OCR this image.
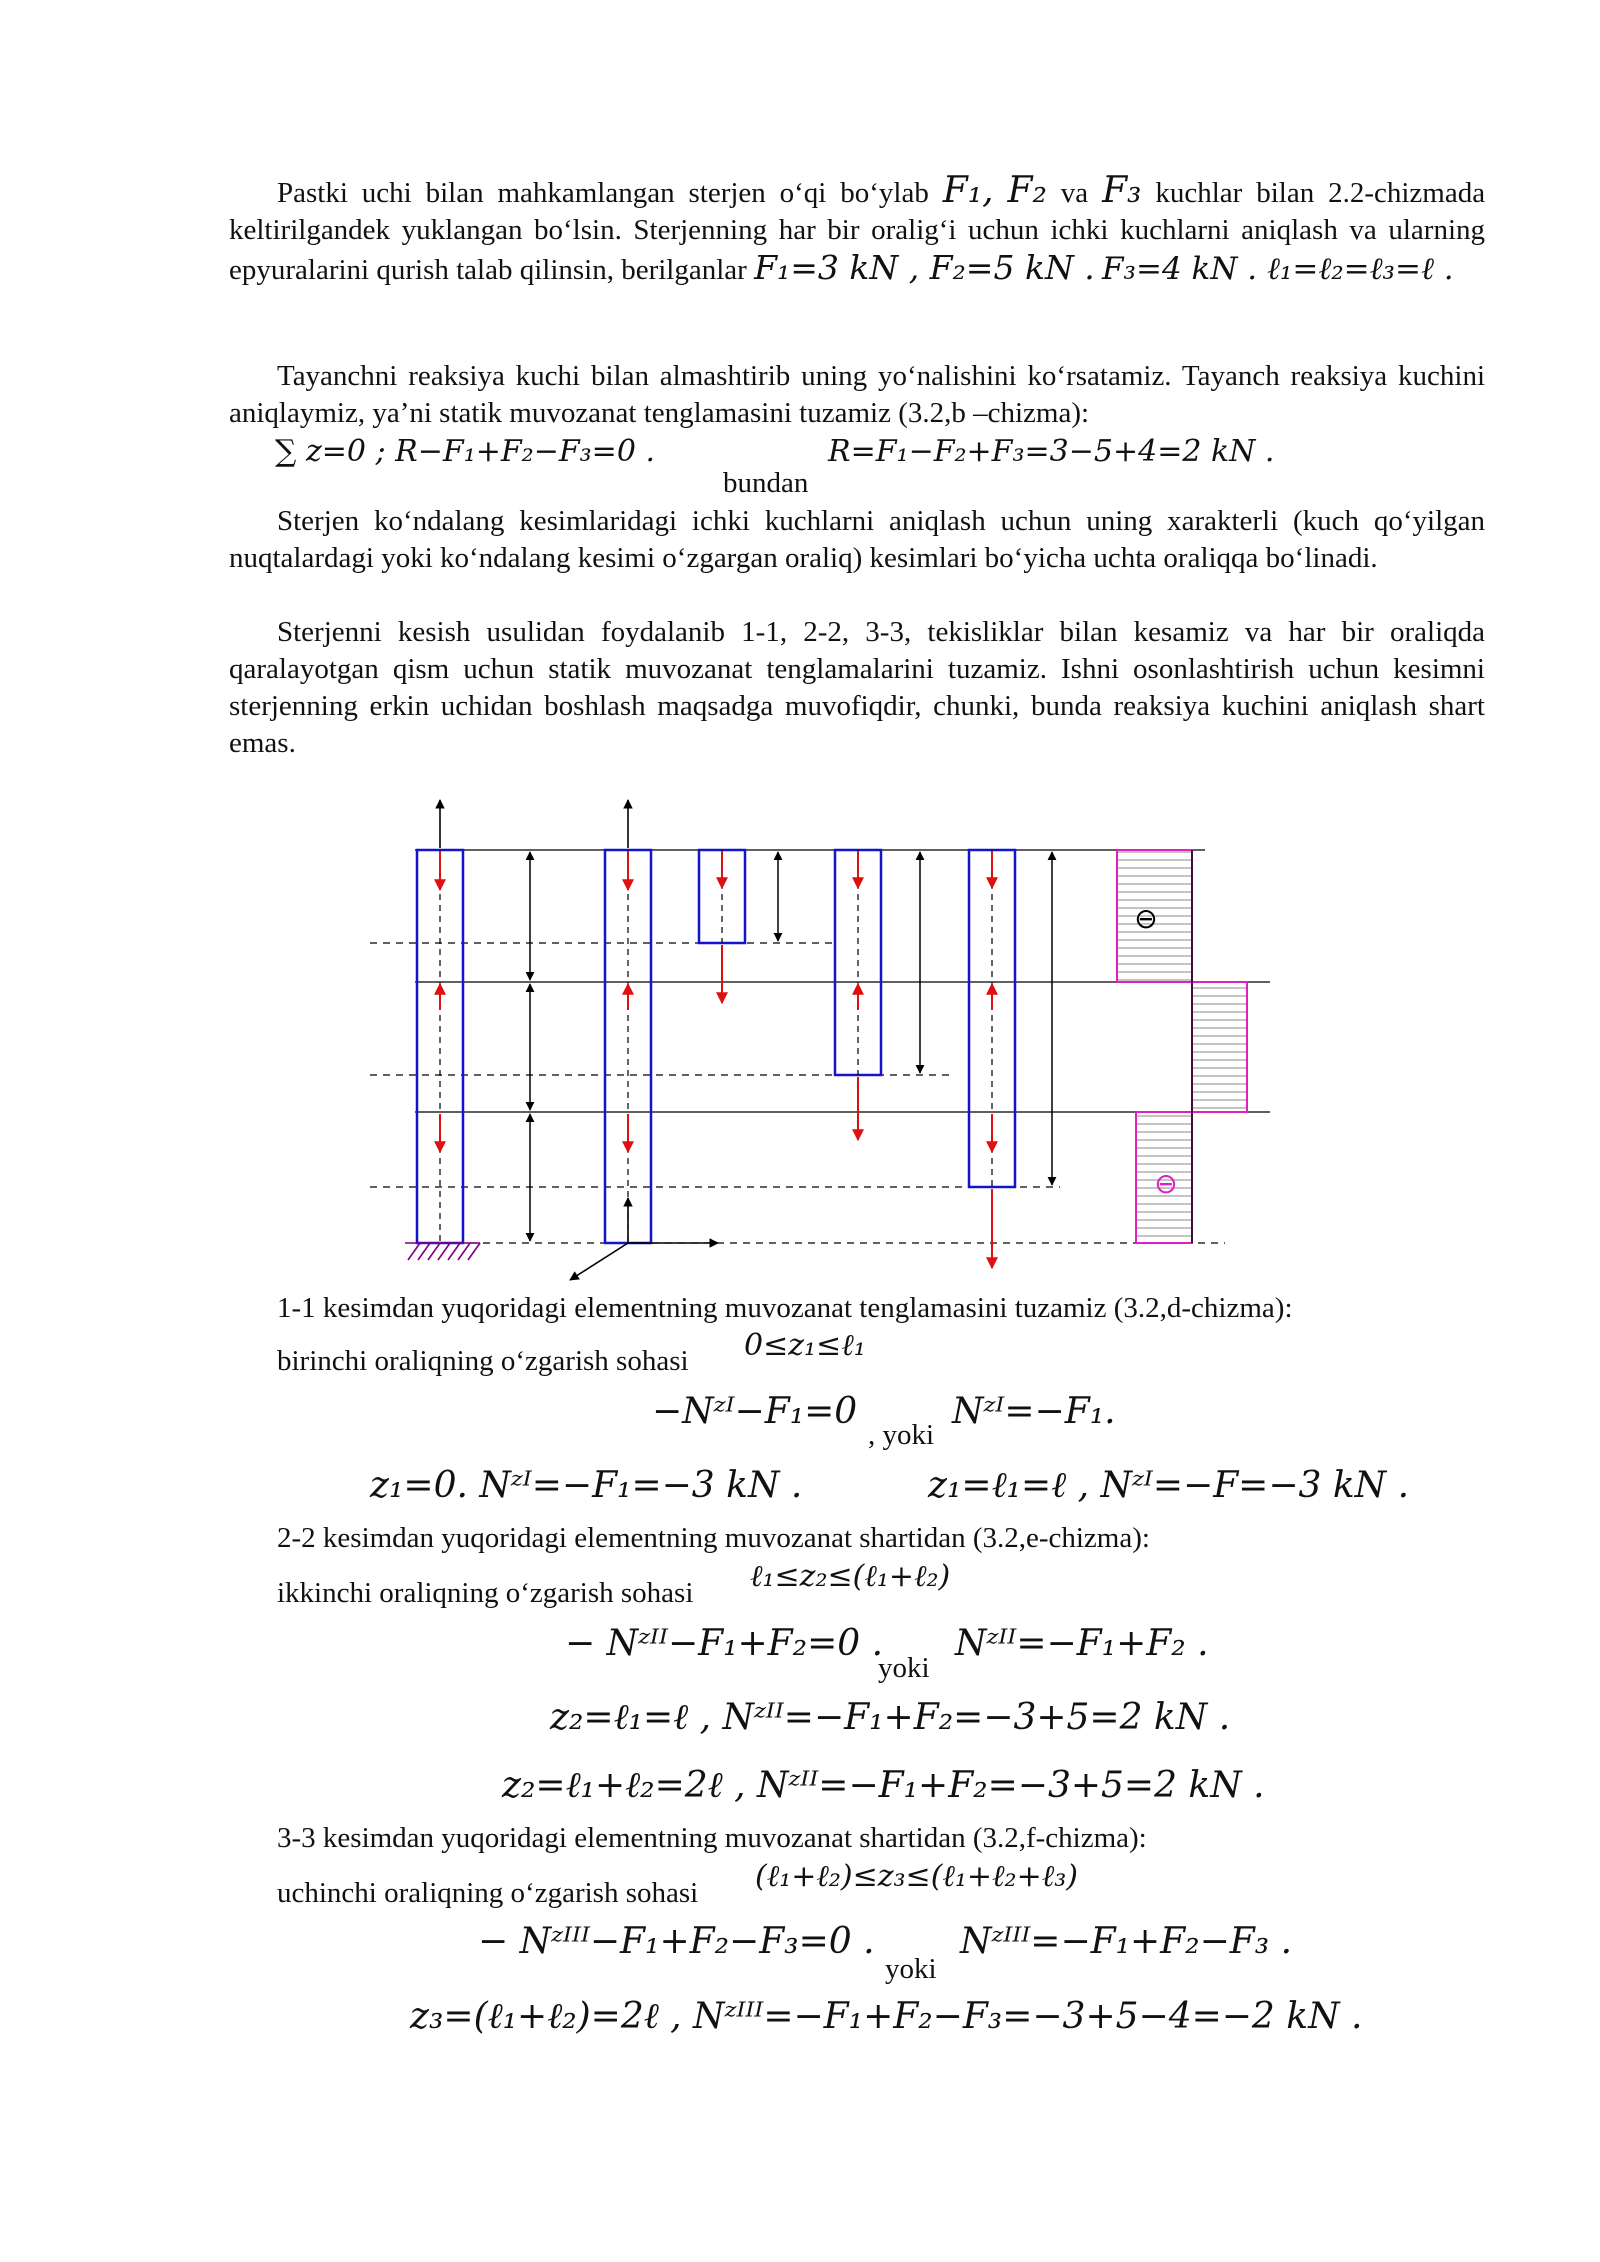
Pastki uchi bilan mahkamlangan sterjen o‘qi bo‘ylab F₁, F₂ va F₃ kuchlar bilan 2.2-chizmada keltirilgandek yuklangan bo‘lsin. Sterjenning har bir oralig‘i uchun ichki kuchlarni aniqlash va ularning epyuralarini qurish talab qilinsin, berilganlar F₁=3 kN , F₂=5 kN . F₃=4 kN . ℓ₁=ℓ₂=ℓ₃=ℓ .

Tayanchni reaksiya kuchi bilan almashtirib uning yo‘nalishini ko‘rsatamiz. Tayanch reaksiya kuchini aniqlaymiz, ya’ni statik muvozanat tenglamasini tuzamiz (3.2,b –chizma):

∑ z=0 ; R−F₁+F₂−F₃=0 .
bundan
R=F₁−F₂+F₃=3−5+4=2 kN .

Sterjen ko‘ndalang kesimlaridagi ichki kuchlarni aniqlash uchun uning xarakterli (kuch qo‘yilgan nuqtalardagi yoki ko‘ndalang kesimi o‘zgargan oraliq) kesimlari bo‘yicha uchta oraliqqa bo‘linadi.

Sterjenni kesish usulidan foydalanib 1-1, 2-2, 3-3, tekisliklar bilan kesamiz va har bir oraliqda qaralayotgan qism uchun statik muvozanat tenglamalarini tuzamiz. Ishni osonlashtirish uchun kesimni sterjenning erkin uchidan boshlash maqsadga muvofiqdir, chunki, bunda reaksiya kuchini aniqlash shart emas.

⊖
⊖
1-1 kesimdan yuqoridagi elementning muvozanat tenglamasini tuzamiz (3.2,d-chizma):
birinchi oraliqning o‘zgarish sohasi 0≤z₁≤ℓ₁
−Nᶻᴵ−F₁=0
, yoki
Nᶻᴵ=−F₁.
z₁=0. Nᶻᴵ=−F₁=−3 kN .	z₁=ℓ₁=ℓ , Nᶻᴵ=−F=−3 kN .
2-2 kesimdan yuqoridagi elementning muvozanat shartidan (3.2,e-chizma):
ikkinchi oraliqning o‘zgarish sohasi ℓ₁≤z₂≤(ℓ₁+ℓ₂)
− Nᶻᴵᴵ−F₁+F₂=0 .
yoki
Nᶻᴵᴵ=−F₁+F₂ .
z₂=ℓ₁=ℓ , Nᶻᴵᴵ=−F₁+F₂=−3+5=2 kN .
z₂=ℓ₁+ℓ₂=2ℓ , Nᶻᴵᴵ=−F₁+F₂=−3+5=2 kN .
3-3 kesimdan yuqoridagi elementning muvozanat shartidan (3.2,f-chizma):
uchinchi oraliqning o‘zgarish sohasi (ℓ₁+ℓ₂)≤z₃≤(ℓ₁+ℓ₂+ℓ₃)
− Nᶻᴵᴵᴵ−F₁+F₂−F₃=0 .
yoki
Nᶻᴵᴵᴵ=−F₁+F₂−F₃ .
z₃=(ℓ₁+ℓ₂)=2ℓ , Nᶻᴵᴵᴵ=−F₁+F₂−F₃=−3+5−4=−2 kN .
